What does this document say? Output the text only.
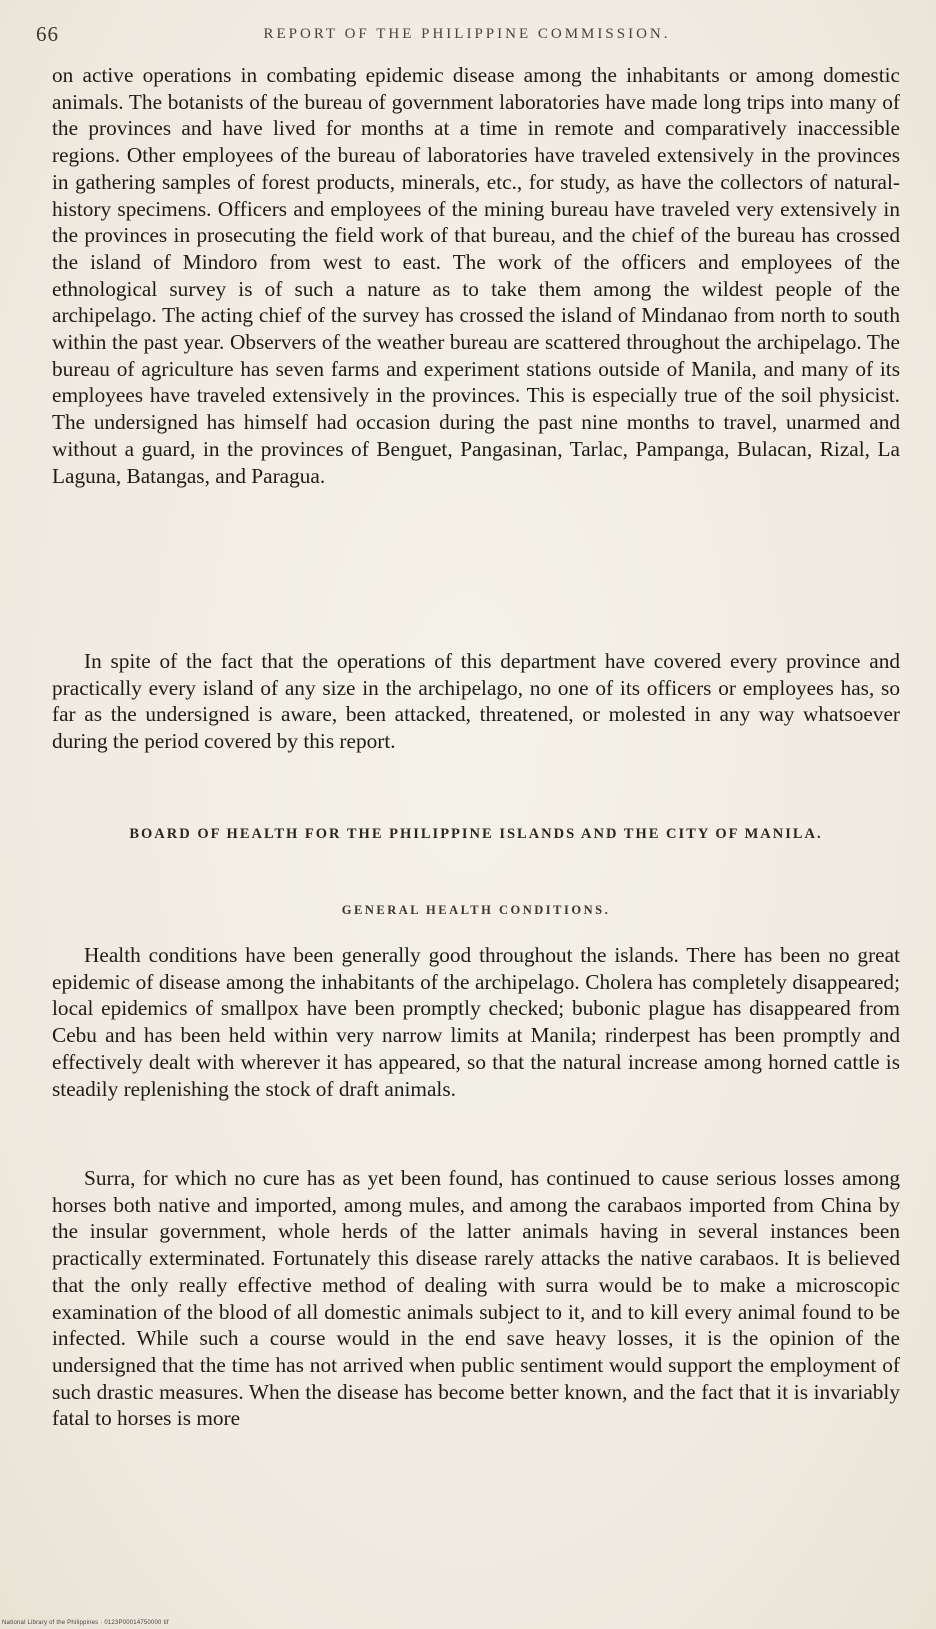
66	REPORT OF THE PHILIPPINE COMMISSION.

on active operations in combating epidemic disease among the inhabitants or among domestic animals. The botanists of the bureau of government laboratories have made long trips into many of the provinces and have lived for months at a time in remote and comparatively inaccessible regions. Other employees of the bureau of laboratories have traveled extensively in the provinces in gathering samples of forest products, minerals, etc., for study, as have the collectors of natural-history specimens. Officers and employees of the mining bureau have traveled very extensively in the provinces in prosecuting the field work of that bureau, and the chief of the bureau has crossed the island of Mindoro from west to east. The work of the officers and employees of the ethnological survey is of such a nature as to take them among the wildest people of the archipelago. The acting chief of the survey has crossed the island of Mindanao from north to south within the past year. Observers of the weather bureau are scattered throughout the archipelago. The bureau of agriculture has seven farms and experiment stations outside of Manila, and many of its employees have traveled extensively in the provinces. This is especially true of the soil physicist. The undersigned has himself had occasion during the past nine months to travel, unarmed and without a guard, in the provinces of Benguet, Pangasinan, Tarlac, Pampanga, Bulacan, Rizal, La Laguna, Batangas, and Paragua.

In spite of the fact that the operations of this department have covered every province and practically every island of any size in the archipelago, no one of its officers or employees has, so far as the undersigned is aware, been attacked, threatened, or molested in any way whatsoever during the period covered by this report.

BOARD OF HEALTH FOR THE PHILIPPINE ISLANDS AND THE CITY OF MANILA.
GENERAL HEALTH CONDITIONS.

Health conditions have been generally good throughout the islands. There has been no great epidemic of disease among the inhabitants of the archipelago. Cholera has completely disappeared; local epidemics of smallpox have been promptly checked; bubonic plague has disappeared from Cebu and has been held within very narrow limits at Manila; rinderpest has been promptly and effectively dealt with wherever it has appeared, so that the natural increase among horned cattle is steadily replenishing the stock of draft animals.

Surra, for which no cure has as yet been found, has continued to cause serious losses among horses both native and imported, among mules, and among the carabaos imported from China by the insular government, whole herds of the latter animals having in several instances been practically exterminated. Fortunately this disease rarely attacks the native carabaos. It is believed that the only really effective method of dealing with surra would be to make a microscopic examination of the blood of all domestic animals subject to it, and to kill every animal found to be infected. While such a course would in the end save heavy losses, it is the opinion of the undersigned that the time has not arrived when public sentiment would support the employment of such drastic measures. When the disease has become better known, and the fact that it is invariably fatal to horses is more

National Library of the Philippines · 0123P00014750000 tif
